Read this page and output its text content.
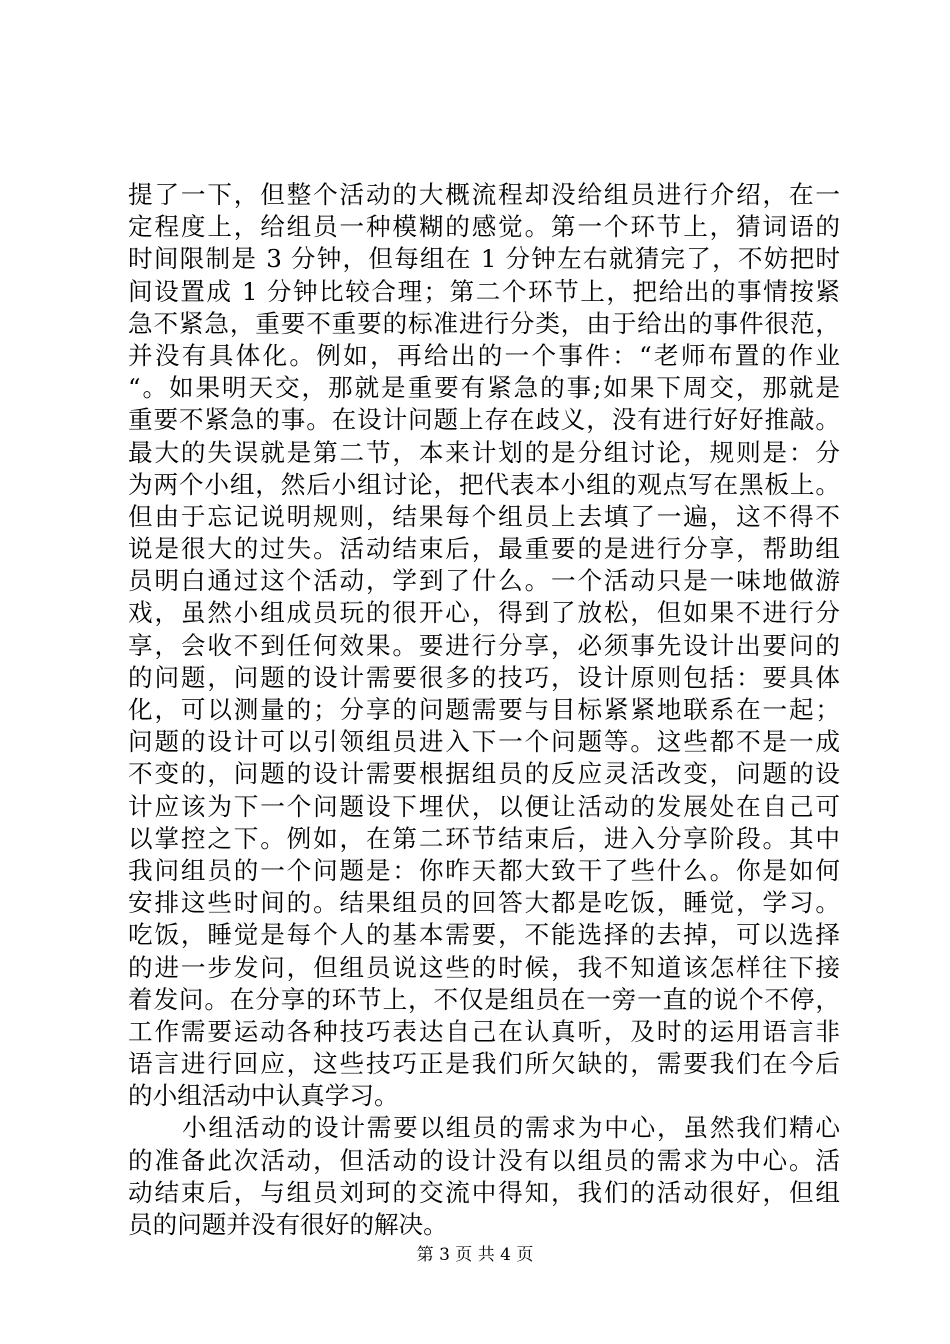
提了一下，但整个活动的大概流程却没给组员进行介绍，在一
定程度上，给组员一种模糊的感觉。第一个环节上，猜词语的
时间限制是 3 分钟，但每组在 1 分钟左右就猜完了，不妨把时
间设置成 1 分钟比较合理；第二个环节上，把给出的事情按紧
急不紧急，重要不重要的标准进行分类，由于给出的事件很范，
并没有具体化。例如，再给出的一个事件：“老师布置的作业
“。如果明天交，那就是重要有紧急的事;如果下周交，那就是
重要不紧急的事。在设计问题上存在歧义，没有进行好好推敲。
最大的失误就是第二节，本来计划的是分组讨论，规则是：分
为两个小组，然后小组讨论，把代表本小组的观点写在黑板上。
但由于忘记说明规则，结果每个组员上去填了一遍，这不得不
说是很大的过失。活动结束后，最重要的是进行分享，帮助组
员明白通过这个活动，学到了什么。一个活动只是一味地做游
戏，虽然小组成员玩的很开心，得到了放松，但如果不进行分
享，会收不到任何效果。要进行分享，必须事先设计出要问的
的问题，问题的设计需要很多的技巧，设计原则包括：要具体
化，可以测量的；分享的问题需要与目标紧紧地联系在一起；
问题的设计可以引领组员进入下一个问题等。这些都不是一成
不变的，问题的设计需要根据组员的反应灵活改变，问题的设
计应该为下一个问题设下埋伏，以便让活动的发展处在自己可
以掌控之下。例如，在第二环节结束后，进入分享阶段。其中
我问组员的一个问题是：你昨天都大致干了些什么。你是如何
安排这些时间的。结果组员的回答大都是吃饭，睡觉，学习。
吃饭，睡觉是每个人的基本需要，不能选择的去掉，可以选择
的进一步发问，但组员说这些的时候，我不知道该怎样往下接
着发问。在分享的环节上，不仅是组员在一旁一直的说个不停，
工作需要运动各种技巧表达自己在认真听，及时的运用语言非
语言进行回应，这些技巧正是我们所欠缺的，需要我们在今后
的小组活动中认真学习。
小组活动的设计需要以组员的需求为中心，虽然我们精心
的准备此次活动，但活动的设计没有以组员的需求为中心。活
动结束后，与组员刘珂的交流中得知，我们的活动很好，但组
员的问题并没有很好的解决。
第 3 页 共 4 页
